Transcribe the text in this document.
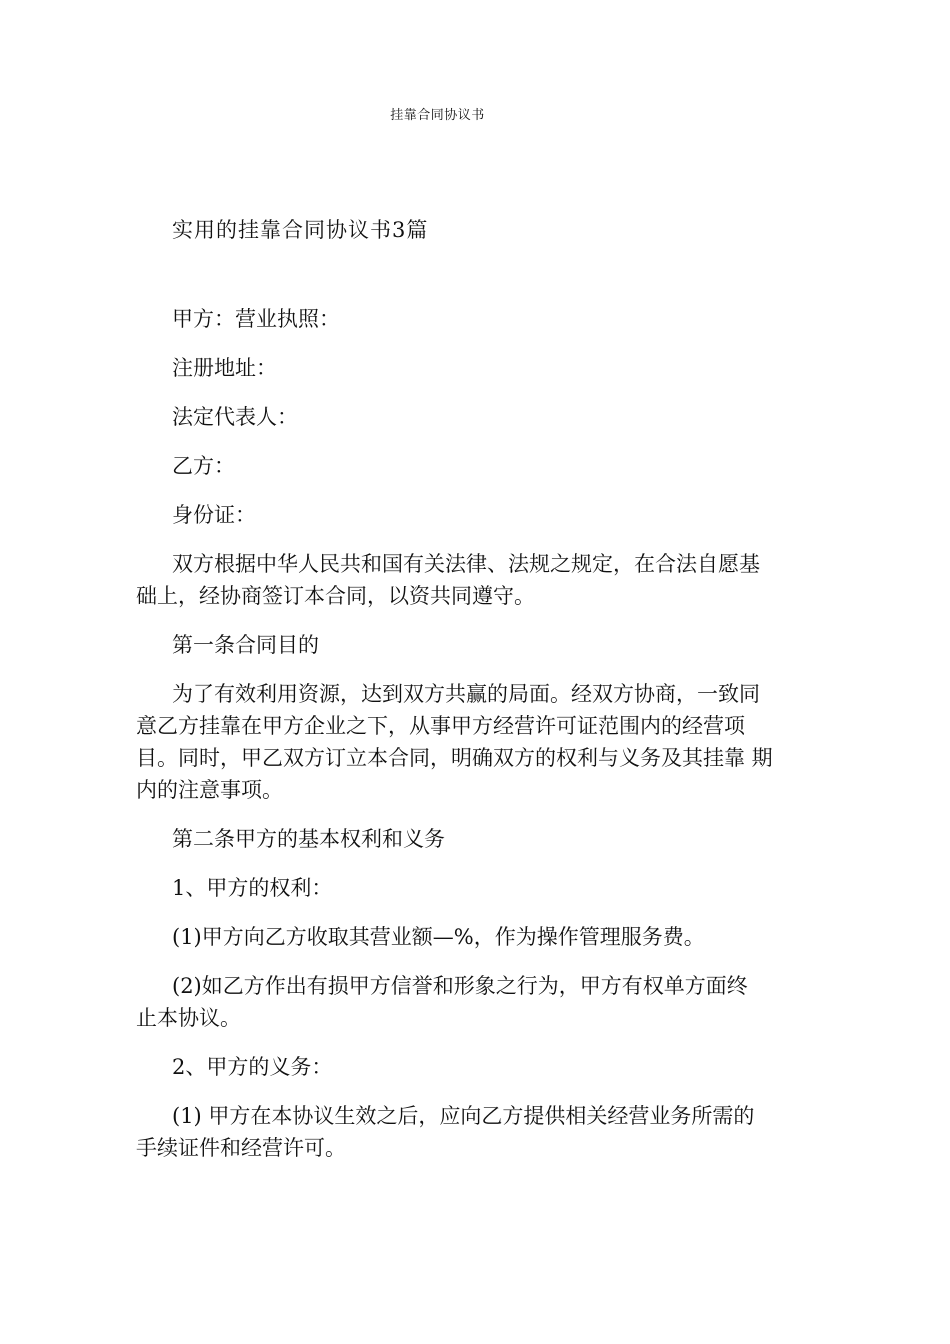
挂靠合同协议书
实用的挂靠合同协议书3篇
甲方：营业执照：
注册地址：
法定代表人：
乙方：
身份证：
双方根据中华人民共和国有关法律、法规之规定，在合法自愿基
础上，经协商签订本合同，以资共同遵守。
第一条合同目的
为了有效利用资源，达到双方共赢的局面。经双方协商，一致同
意乙方挂靠在甲方企业之下，从事甲方经营许可证范围内的经营项
目。同时，甲乙双方订立本合同，明确双方的权利与义务及其挂靠 期
内的注意事项。
第二条甲方的基本权利和义务
1、甲方的权利：
(1)甲方向乙方收取其营业额—%，作为操作管理服务费。
(2)如乙方作出有损甲方信誉和形象之行为，甲方有权单方面终
止本协议。
2、甲方的义务：
(1) 甲方在本协议生效之后，应向乙方提供相关经营业务所需的
手续证件和经营许可。
